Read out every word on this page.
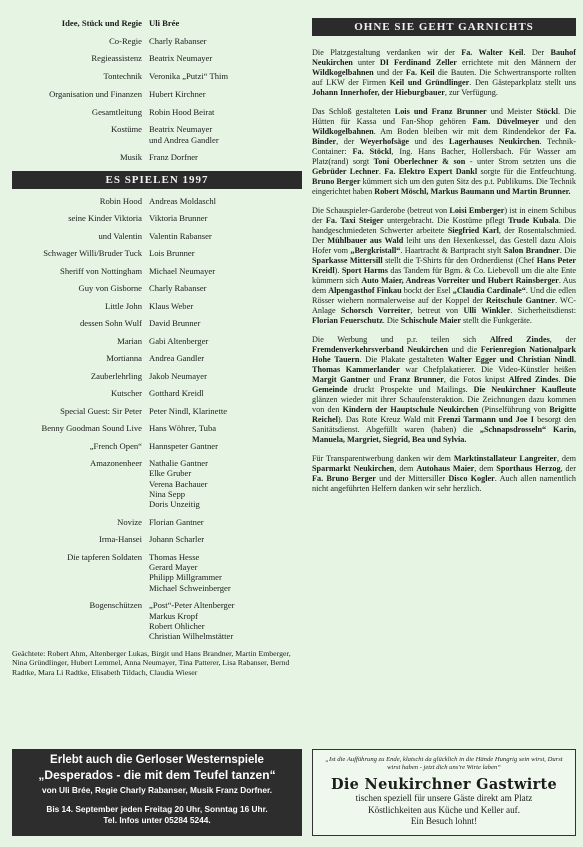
Idee, Stück und Regie Uli Brée
Co-Regie Charly Rabanser
Regieassistenz Beatrix Neumayer
Tontechnik Veronika „Putzi“ Thim
Organisation und Finanzen Hubert Kirchner
Gesamtleitung Robin Hood Beirat
Kostüme Beatrix Neumayer
und Andrea Gandler
Musik Franz Dorfner
ES SPIELEN 1997
Robin Hood Andreas Moldaschl
seine Kinder Viktoria Viktoria Brunner
und Valentin Valentin Rabanser
Schwager Willi/Bruder Tuck Lois Brunner
Sheriff von Nottingham Michael Neumayer
Guy von Gisborne Charly Rabanser
Little John Klaus Weber
dessen Sohn Wulf David Brunner
Marian Gabi Altenberger
Mortianna Andrea Gandler
Zauberlehrling Jakob Neumayer
Kutscher Gotthard Kreidl
Special Guest: Sir Peter Peter Nindl, Klarinette
Benny Goodman Sound Live Hans Wöhrer, Tuba
„French Open“ Hannspeter Gantner
Amazonenheer Nathalie Gantner
Elke Gruber
Verena Bachauer
Nina Sepp
Doris Unzeitig
Novize Florian Gantner
Irma-Hansei Johann Scharler
Die tapferen Soldaten Thomas Hesse
Gerard Mayer
Philipp Millgrammer
Michael Schweinberger
Bogenschützen „Post“-Peter Altenberger
Markus Kropf
Robert Ohlicher
Christian Wilhelmstätter
Geächtete: Robert Ahm, Altenberger Lukas, Birgit und Hans Brandner, Martin Emberger, Nina Gründlinger, Hubert Lemmel, Anna Neumayer, Tina Patterer, Lisa Rabanser, Bernd Radtke, Mara Li Radtke, Elisabeth Tildach, Claudia Wieser
Erlebt auch die Gerloser Westernspiele
„Desperados - die mit dem Teufel tanzen“
von Uli Brée, Regie Charly Rabanser, Musik Franz Dorfner.
Bis 14. September jeden Freitag 20 Uhr, Sonntag 16 Uhr.
Tel. Infos unter 05284 5244.
OHNE SIE GEHT GARNICHTS

Die Platzgestaltung verdanken wir der Fa. Walter Keil. Der Bauhof Neukirchen unter DI Ferdinand Zeller errichtete mit den Männern der Wildkogelbahnen und der Fa. Keil die Bauten. Die Schwertransporte rollten auf LKW der Firmen Keil und Gründlinger. Den Gästeparkplatz stellt uns Johann Innerhofer, der Hieburgbauer, zur Verfügung.

Das Schloß gestalteten Lois und Franz Brunner und Meister Stöckl. Die Hütten für Kassa und Fan-Shop gehören Fam. Düvelmeyer und den Wildkogelbahnen. Am Boden bleiben wir mit dem Rindendekor der Fa. Binder, der Weyerhofsäge und des Lagerhauses Neukirchen. Technik-Container: Fa. Stöckl, Ing. Hans Bacher, Hollersbach. Für Wasser am Platz(rand) sorgt Toni Oberlechner & son - unter Strom setzten uns die Gebrüder Lechner. Fa. Elektro Expert Dankl sorgte für die Entfeuchtung. Bruno Berger kümmert sich um den guten Sitz des p.t. Publikums. Die Technik eingerichtet haben Robert Möschl, Markus Baumann und Martin Brunner.

Die Schauspieler-Garderobe (betreut von Loisi Emberger) ist in einem Schibus der Fa. Taxi Steiger untergebracht. Die Kostüme pflegt Trude Kubala. Die handgeschmiedeten Schwerter arbeitete Siegfried Karl, der Rosentalschmied. Der Mühlbauer aus Wald leiht uns den Hexenkessel, das Gestell dazu Alois Hofer vom „Bergkristall“. Haartracht & Bartpracht stylt Salon Brandner. Die Sparkasse Mittersill stellt die T-Shirts für den Ordnerdienst (Chef Hans Peter Kreidl). Sport Harms das Tandem für Bgm. & Co. Liebevoll um die alte Ente kümmern sich Auto Maier, Andreas Vorreiter und Hubert Rainsberger. Aus dem Alpengasthof Finkau bockt der Esel „Claudia Cardinale“. Und die edlen Rösser wiehern normalerweise auf der Koppel der Reitschule Gantner. WC-Anlage Schorsch Vorreiter, betreut von Ulli Winkler. Sicherheitsdienst: Florian Feuerschutz. Die Schischule Maier stellt die Funkgeräte.

Die Werbung und p.r. teilen sich Alfred Zindes, der Fremdenverkehrsverband Neukirchen und die Ferienregion Nationalpark Hohe Tauern. Die Plakate gestalteten Walter Egger und Christian Nindl. Thomas Kammerlander war Chefplakatierer. Die Video-Künstler heißen Margit Gantner und Franz Brunner, die Fotos knipst Alfred Zindes. Die Gemeinde druckt Prospekte und Mailings. Die Neukirchner Kaufleute glänzen wieder mit ihrer Schaufensteraktion. Die Zeichnungen dazu kommen von den Kindern der Hauptschule Neukirchen (Pinselführung von Brigitte Reichel). Das Rote Kreuz Wald mit Frenzi Tarmann und Joe I besorgt den Sanitätsdienst. Abgefüllt waren (haben) die „Schnapsdrosseln“ Karin, Manuela, Margriet, Siegrid, Bea und Sylvia.

Für Transparentwerbung danken wir dem Marktinstallateur Langreiter, dem Sparmarkt Neukirchen, dem Autohaus Maier, dem Sporthaus Herzog, der Fa. Bruno Berger und der Mittersiller Disco Kogler. Auch allen namentlich nicht angeführten Helfern danken wir sehr herzlich.

„Ist die Aufführung zu Ende, klatscht da glücklich in die Hände Hungrig sein wirst, Durst wirst haben - jetzt dich uns're Wirte laben“
Die Neukirchner Gastwirte
tischen speziell für unsere Gäste direkt am Platz
Köstlichkeiten aus Küche und Keller auf.
Ein Besuch lohnt!
